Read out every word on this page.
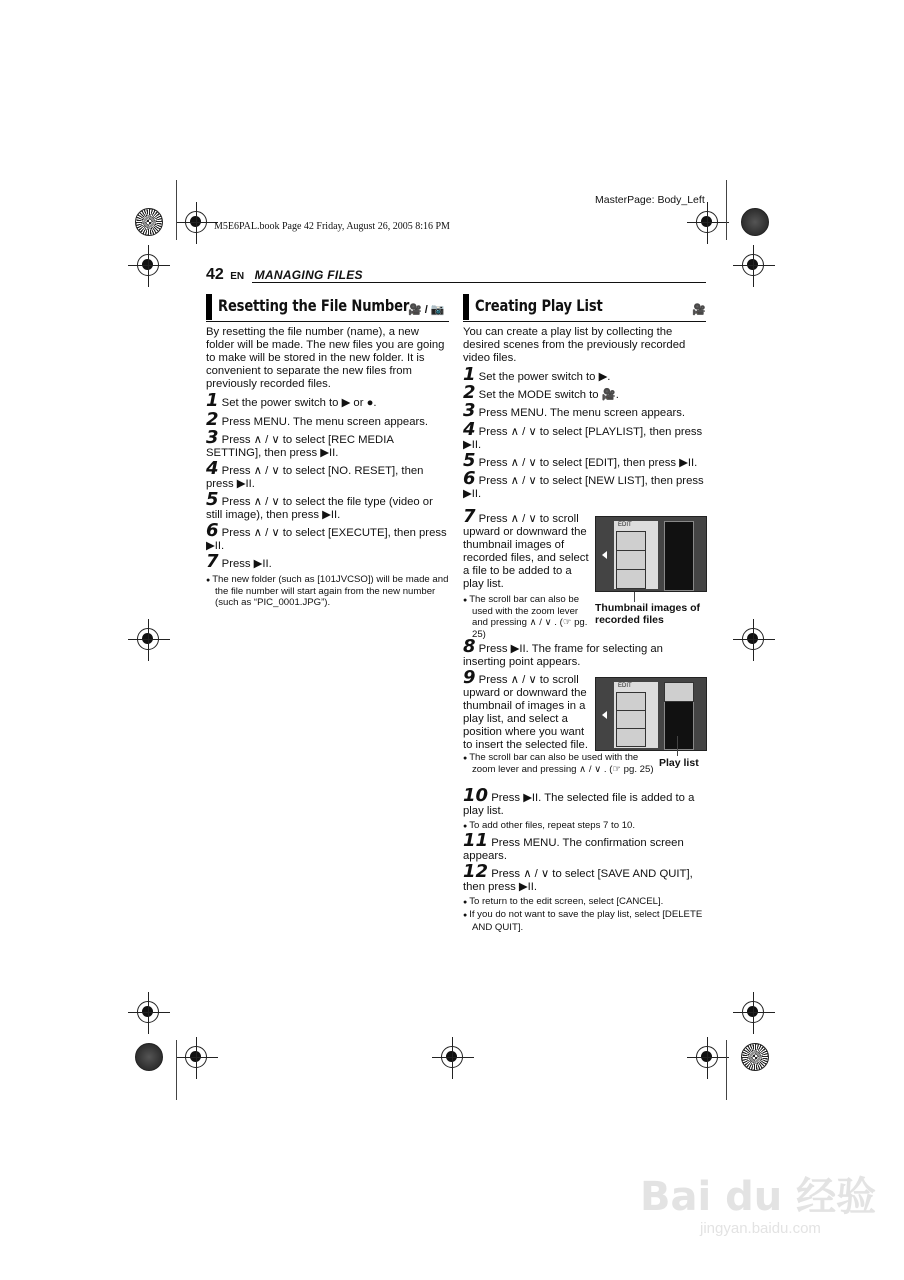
MasterPage: Body_Left
M5E6PAL.book Page 42 Friday, August 26, 2005 8:16 PM
42 EN MANAGING FILES
Resetting the File Number
🎥 / 📷

By resetting the file number (name), a new folder will be made. The new files you are going to make will be stored in the new folder. It is convenient to separate the new files from previously recorded files.

1 Set the power switch to ▶ or ●.
2 Press MENU. The menu screen appears.
3 Press ∧ / ∨ to select [REC MEDIA SETTING], then press ▶II.
4 Press ∧ / ∨ to select [NO. RESET], then press ▶II.
5 Press ∧ / ∨ to select the file type (video or still image), then press ▶II.
6 Press ∧ / ∨ to select [EXECUTE], then press ▶II.
7 Press ▶II.
● The new folder (such as [101JVCSO]) will be made and the file number will start again from the new number (such as “PIC_0001.JPG”).
Creating Play List	🎥

You can create a play list by collecting the desired scenes from the previously recorded video files.

1 Set the power switch to ▶.
2 Set the MODE switch to 🎥.
3 Press MENU. The menu screen appears.
4 Press ∧ / ∨ to select [PLAYLIST], then press ▶II.
5 Press ∧ / ∨ to select [EDIT], then press ▶II.
6 Press ∧ / ∨ to select [NEW LIST], then press ▶II.
7 Press ∧ / ∨ to scroll upward or downward the thumbnail images of recorded files, and select a file to be added to a play list.
● The scroll bar can also be used with the zoom lever and pressing ∧ / ∨ . (☞ pg. 25)
EDIT
Thumbnail images of recorded files
8 Press ▶II. The frame for selecting an inserting point appears.
9 Press ∧ / ∨ to scroll upward or downward the thumbnail of images in a play list, and select a position where you want to insert the selected file.
● The scroll bar can also be used with the zoom lever and pressing ∧ / ∨ . (☞ pg. 25)
EDIT
Play list
10 Press ▶II. The selected file is added to a play list.
● To add other files, repeat steps 7 to 10.
11 Press MENU. The confirmation screen appears.
12 Press ∧ / ∨ to select [SAVE AND QUIT], then press ▶II.
● To return to the edit screen, select [CANCEL].
● If you do not want to save the play list, select [DELETE AND QUIT].
Bai du 经验
jingyan.baidu.com
